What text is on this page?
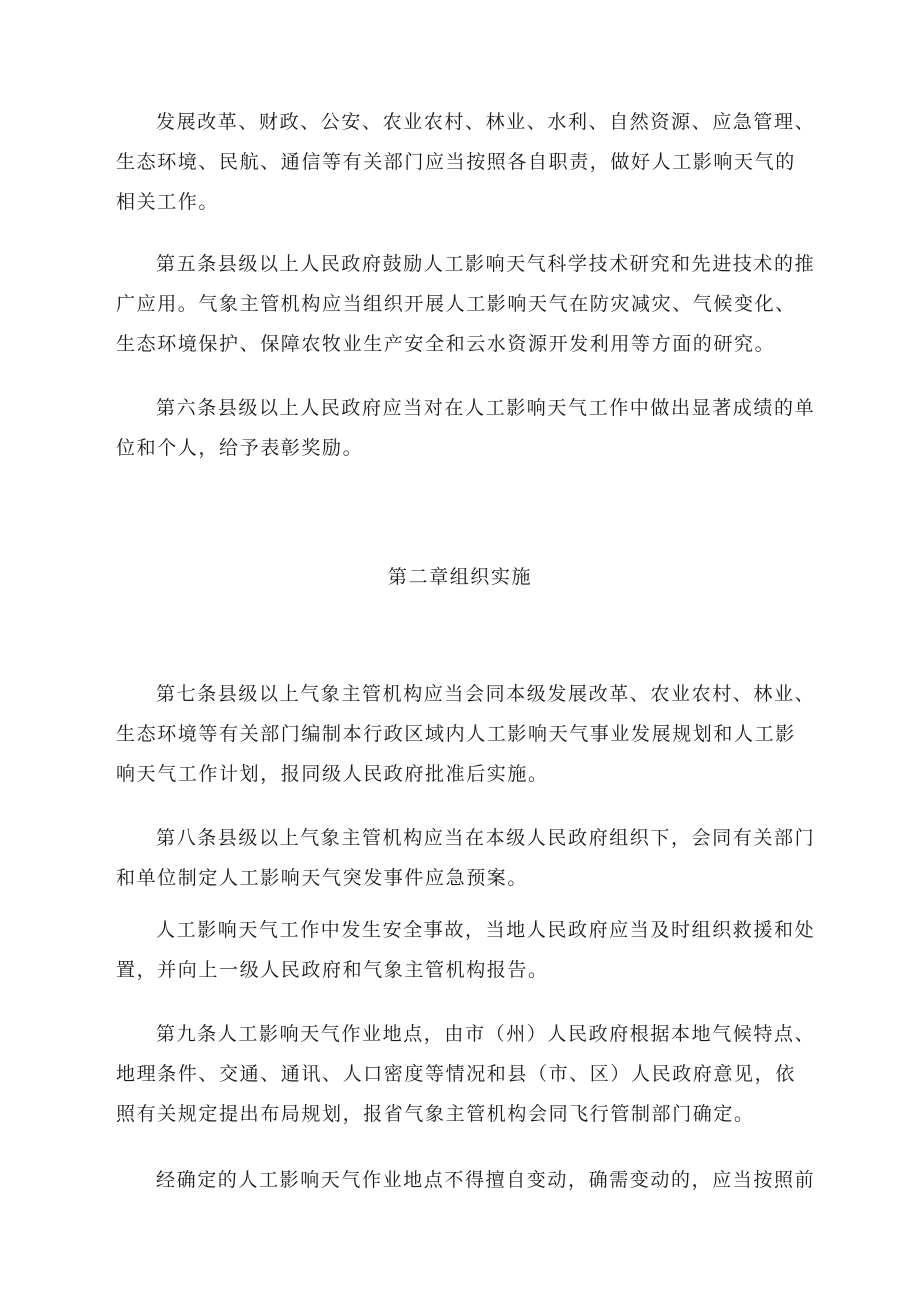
发展改革、财政、公安、农业农村、林业、水利、自然资源、应急管理、生态环境、民航、通信等有关部门应当按照各自职责，做好人工影响天气的相关工作。

第五条县级以上人民政府鼓励人工影响天气科学技术研究和先进技术的推广应用。气象主管机构应当组织开展人工影响天气在防灾减灾、气候变化、生态环境保护、保障农牧业生产安全和云水资源开发利用等方面的研究。

第六条县级以上人民政府应当对在人工影响天气工作中做出显著成绩的单位和个人，给予表彰奖励。

第二章组织实施

第七条县级以上气象主管机构应当会同本级发展改革、农业农村、林业、生态环境等有关部门编制本行政区域内人工影响天气事业发展规划和人工影响天气工作计划，报同级人民政府批准后实施。

第八条县级以上气象主管机构应当在本级人民政府组织下，会同有关部门和单位制定人工影响天气突发事件应急预案。

人工影响天气工作中发生安全事故，当地人民政府应当及时组织救援和处置，并向上一级人民政府和气象主管机构报告。

第九条人工影响天气作业地点，由市（州）人民政府根据本地气候特点、地理条件、交通、通讯、人口密度等情况和县（市、区）人民政府意见，依照有关规定提出布局规划，报省气象主管机构会同飞行管制部门确定。

经确定的人工影响天气作业地点不得擅自变动，确需变动的，应当按照前
